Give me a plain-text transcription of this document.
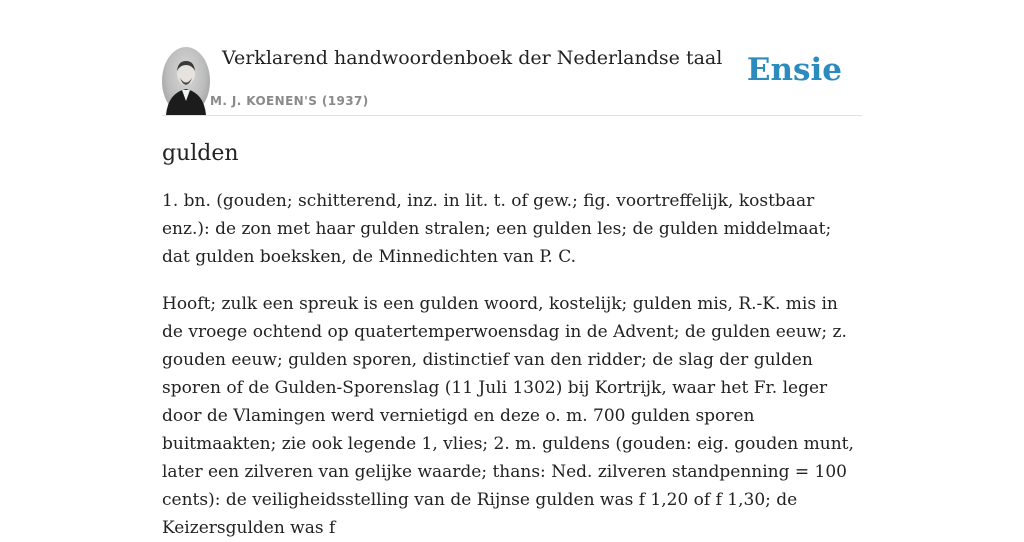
Verklarend handwoordenboek der Nederlandse taal
M. J. KOENEN'S (1937)
Ensie
gulden

1. bn. (gouden; schitterend, inz. in lit. t. of gew.; fig. voortreffelijk, kostbaar enz.): de zon met haar gulden stralen; een gulden les; de gulden middelmaat; dat gulden boeksken, de Minnedichten van P. C.

Hooft; zulk een spreuk is een gulden woord, kostelijk; gulden mis, R.-K. mis in de vroege ochtend op quatertemperwoensdag in de Advent; de gulden eeuw; z. gouden eeuw; gulden sporen, distinctief van den ridder; de slag der gulden sporen of de Gulden-Sporenslag (11 Juli 1302) bij Kortrijk, waar het Fr. leger door de Vlamingen werd vernietigd en deze o. m. 700 gulden sporen buitmaakten; zie ook legende 1, vlies; 2. m. guldens (gouden: eig. gouden munt, later een zilveren van gelijke waarde; thans: Ned. zilveren standpenning = 100 cents): de veiligheidsstelling van de Rijnse gulden was f 1,20 of f 1,30; de Keizersgulden was f
